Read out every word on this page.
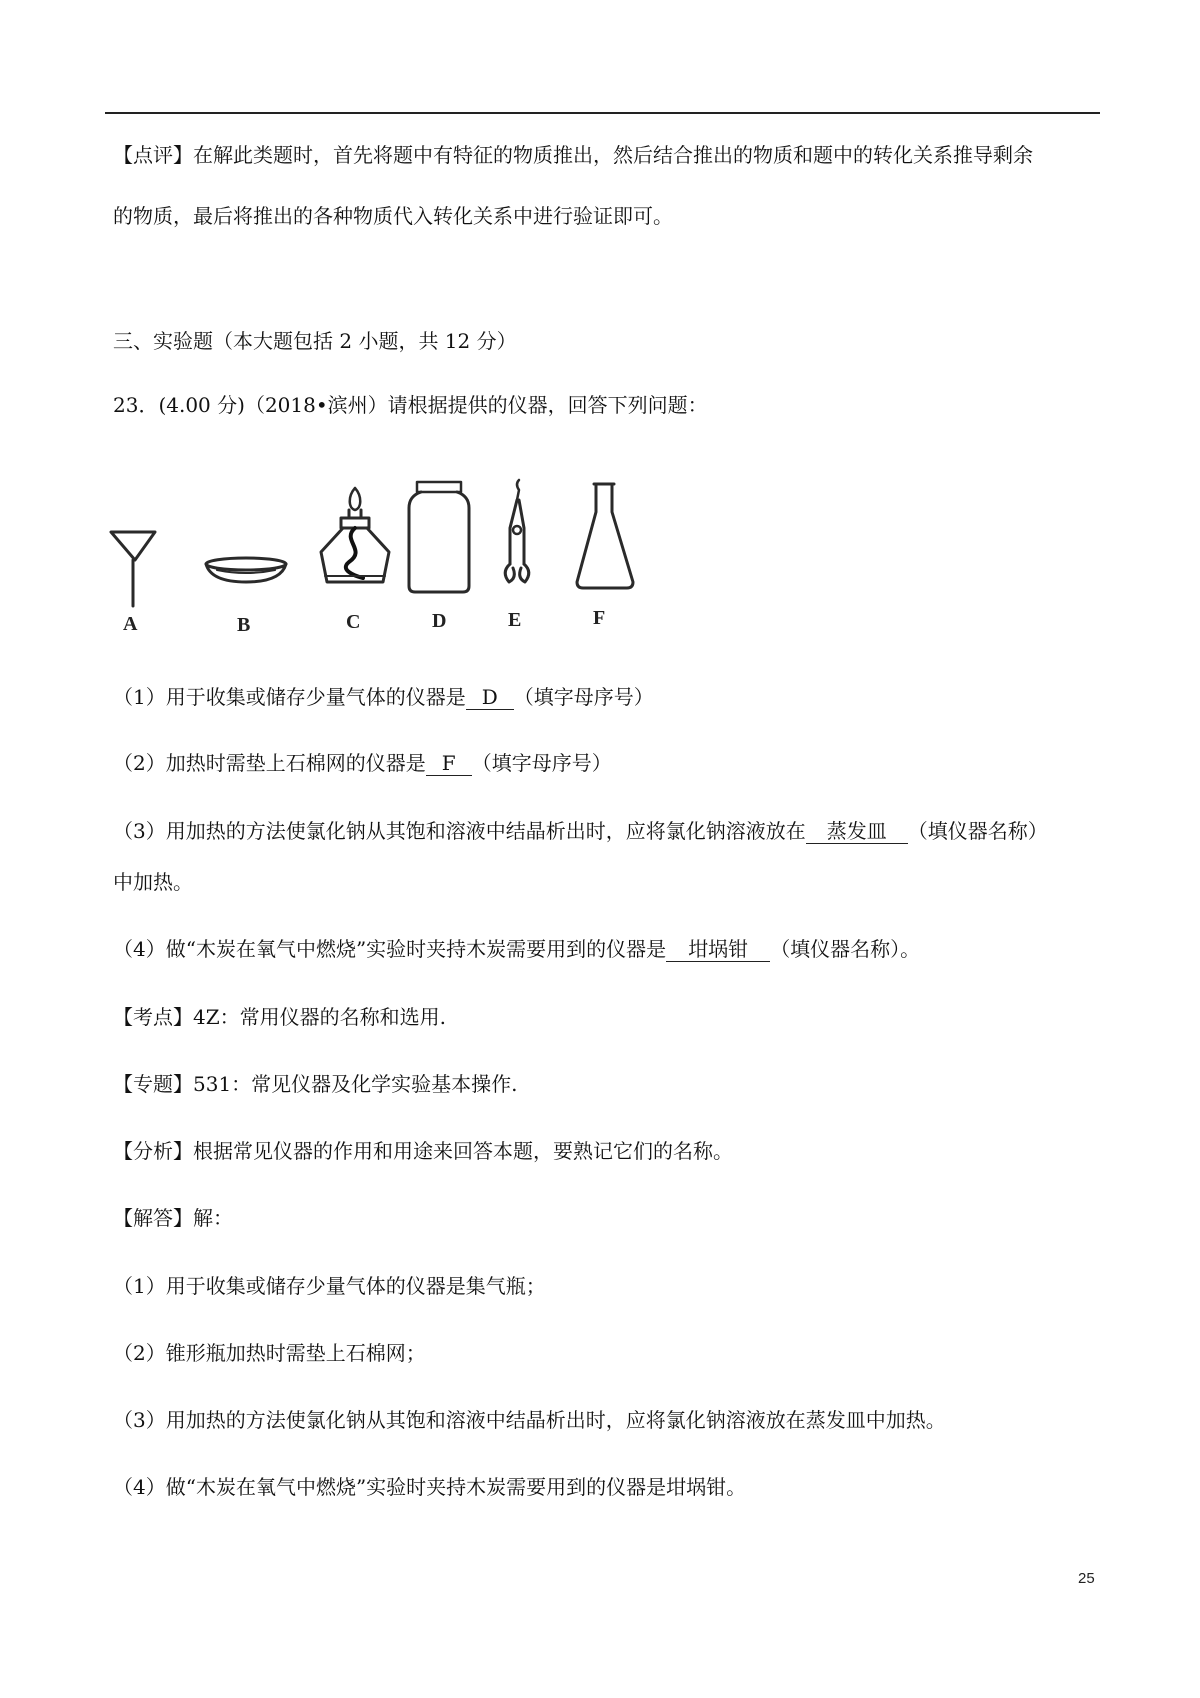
【点评】在解此类题时，首先将题中有特征的物质推出，然后结合推出的物质和题中的转化关系推导剩余
的物质，最后将推出的各种物质代入转化关系中进行验证即可。
三、实验题（本大题包括 2 小题，共 12 分）
23．(4.00 分)（2018•滨州）请根据提供的仪器，回答下列问题：
A	B	C	D	E	F
（1）用于收集或储存少量气体的仪器是 D （填字母序号）
（2）加热时需垫上石棉网的仪器是 F （填字母序号）
（3）用加热的方法使氯化钠从其饱和溶液中结晶析出时，应将氯化钠溶液放在 蒸发皿 （填仪器名称）
中加热。
（4）做“木炭在氧气中燃烧”实验时夹持木炭需要用到的仪器是 坩埚钳 （填仪器名称）。
【考点】4Z：常用仪器的名称和选用.
【专题】531：常见仪器及化学实验基本操作.
【分析】根据常见仪器的作用和用途来回答本题，要熟记它们的名称。
【解答】解：
（1）用于收集或储存少量气体的仪器是集气瓶；
（2）锥形瓶加热时需垫上石棉网；
（3）用加热的方法使氯化钠从其饱和溶液中结晶析出时，应将氯化钠溶液放在蒸发皿中加热。
（4）做“木炭在氧气中燃烧”实验时夹持木炭需要用到的仪器是坩埚钳。
25
